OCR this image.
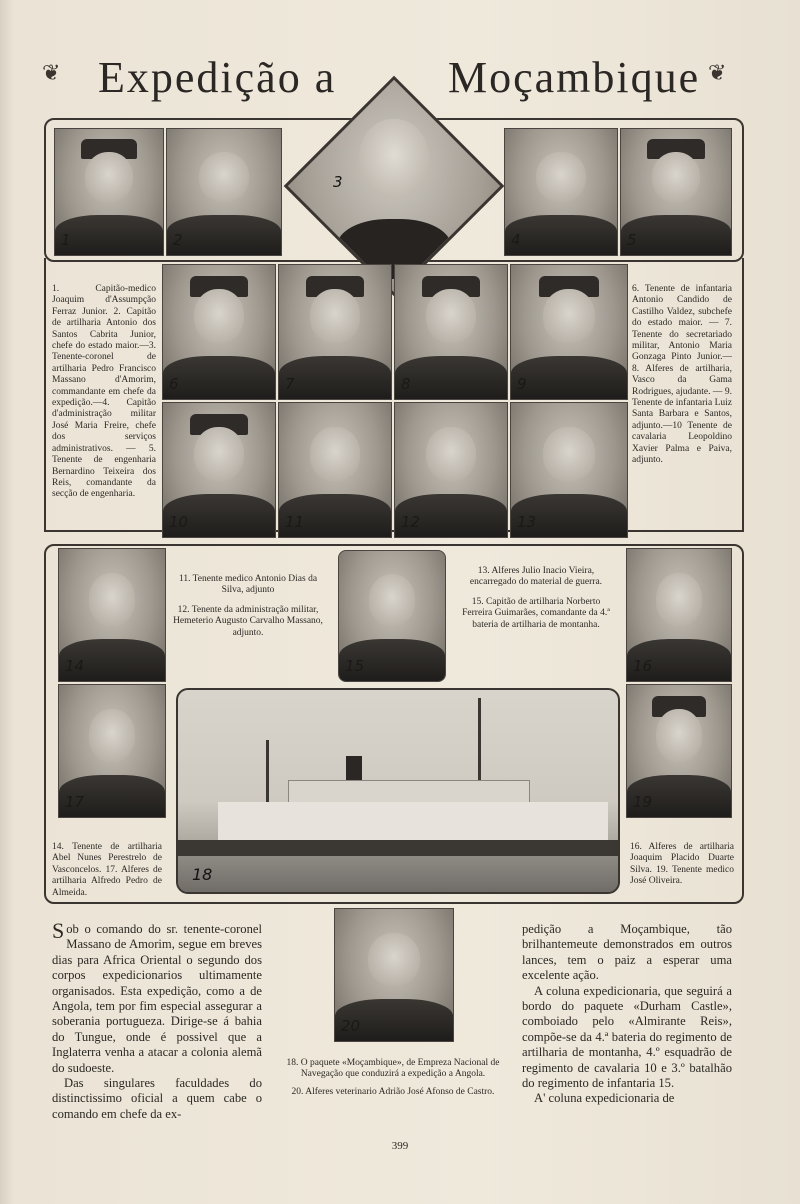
Expedição a	Moçambique
❦	❦
1	2
3
4	5

1. Capitão-medico Joaquim d'Assumpção Ferraz Junior. 2. Capitão de artilharia Antonio dos Santos Cabrita Junior, chefe do estado maior.—3. Tenente-coronel de artilharia Pedro Francisco Massano d'Amorim, commandante em chefe da expedição.—4. Capitão d'administração militar José Maria Freire, chefe dos serviços administrativos. — 5. Tenente de engenharia Bernardino Teixeira dos Reis, comandante da secção de engenharia.

6. Tenente de infantaria Antonio Candido de Castilho Valdez, subchefe do estado maior. — 7. Tenente do secretariado militar, Antonio Maria Gonzaga Pinto Junior.—8. Alferes de artilharia, Vasco da Gama Rodrigues, ajudante. — 9. Tenente de infantaria Luiz Santa Barbara e Santos, adjunto.—10 Tenente de cavalaria Leopoldino Xavier Palma e Paiva, adjunto.

6	7	8	9
10	11	12	13
14

11. Tenente medico Antonio Dias da Silva, adjunto

12. Tenente da administração militar, Hemeterio Augusto Carvalho Massano, adjunto.

15

13. Alferes Julio Inacio Vieira, encarregado do material de guerra.

15. Capitão de artilharia Norberto Ferreira Guimarães, comandante da 4.ª bateria de artilharia de montanha.

16
17
18
19

14. Tenente de artilharia Abel Nunes Perestrelo de Vasconcelos. 17. Alferes de artilharia Alfredo Pedro de Almeida.

16. Alferes de artilharia Joaquim Placido Duarte Silva. 19. Tenente medico José Oliveira.

Sob o comando do sr. tenente-coronel Massano de Amorim, segue em breves dias para Africa Oriental o segundo dos corpos expedicionarios ultimamente organisados. Esta expedição, como a de Angola, tem por fim especial assegurar a soberania portugueza. Dirige-se á bahia do Tungue, onde é possivel que a Inglaterra venha a atacar a colonia alemã do sudoeste.

Das singulares faculdades do distinctissimo oficial a quem cabe o comando em chefe da ex-

20

18. O paquete «Moçambique», de Empreza Nacional de Navegação que conduzirá a expedição a Angola.

20. Alferes veterinario Adrião José Afonso de Castro.

pedição a Moçambique, tão brilhantemeute demonstrados em outros lances, tem o paiz a esperar uma excelente ação.

A coluna expedicionaria, que seguirá a bordo do paquete «Durham Castle», comboiado pelo «Almirante Reis», compõe-se da 4.ª bateria do regimento de artilharia de montanha, 4.º esquadrão de regimento de cavalaria 10 e 3.º batalhão do regimento de infantaria 15.

A' coluna expedicionaria de

399
